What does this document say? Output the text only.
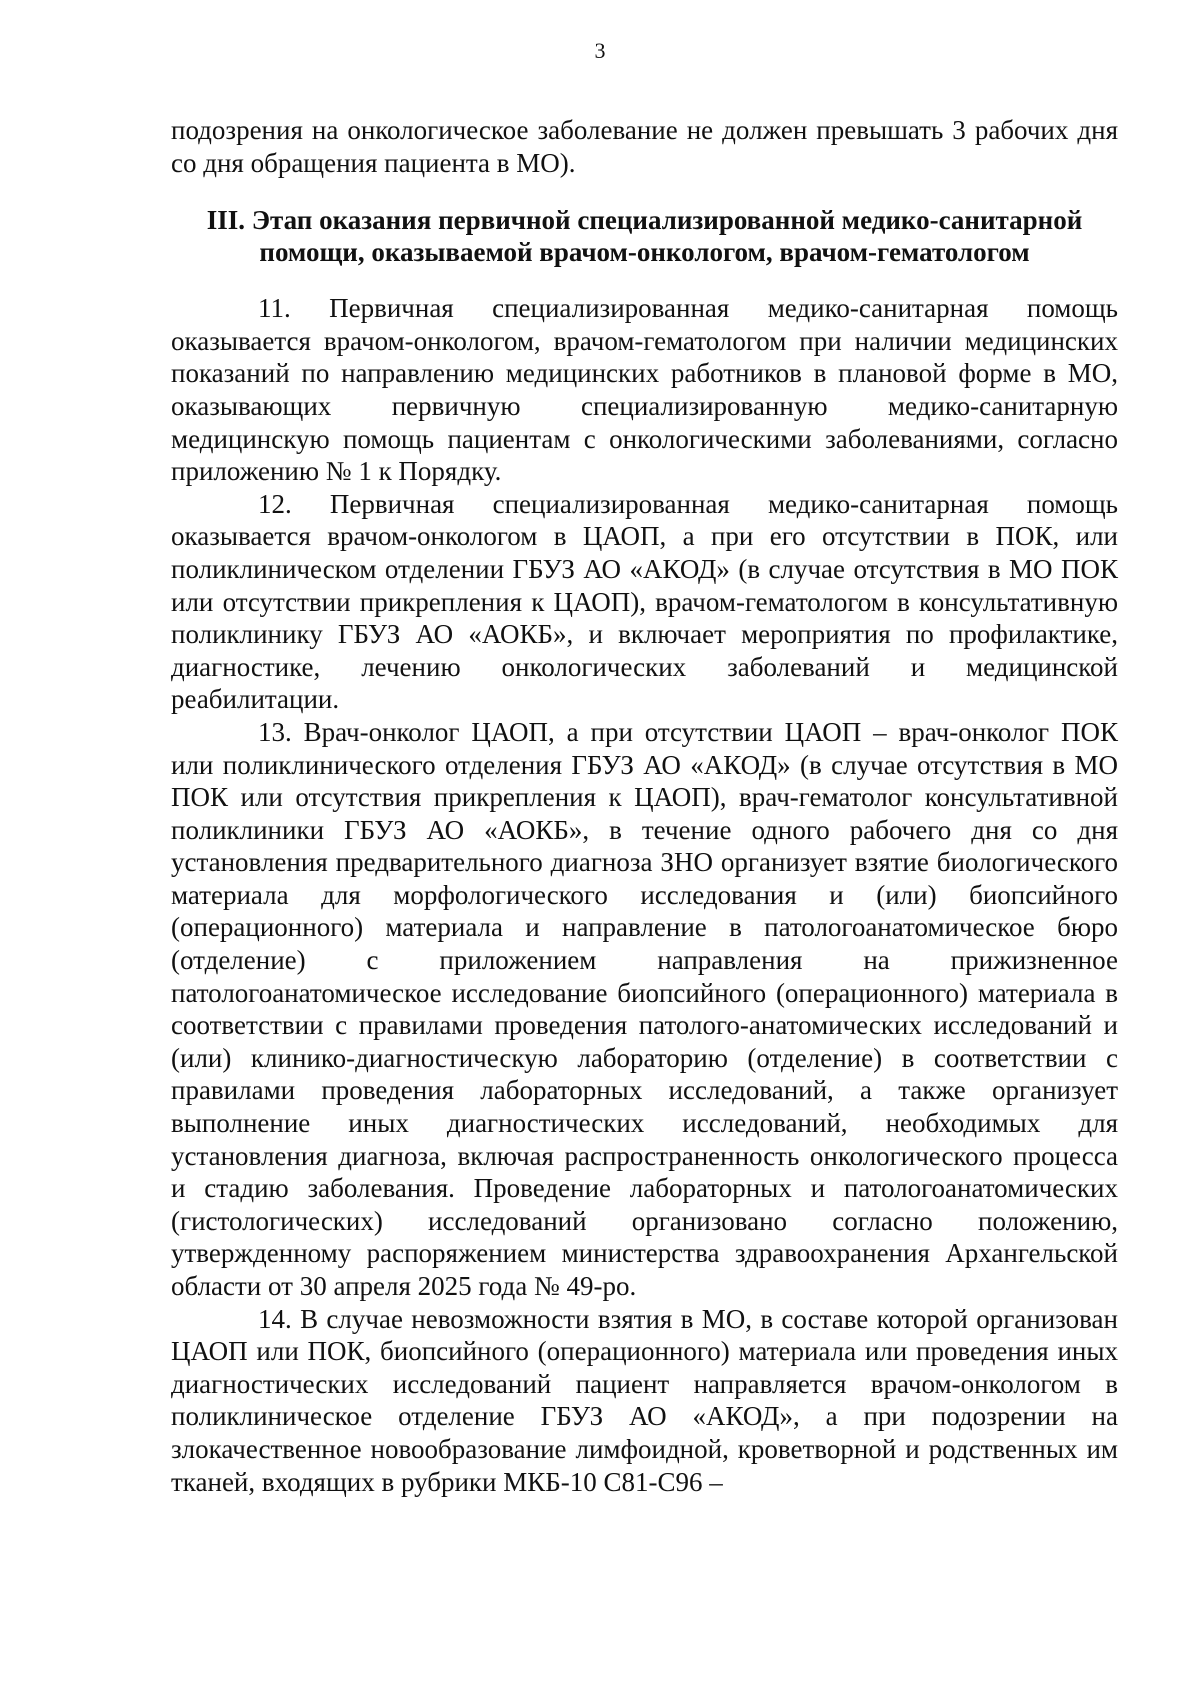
3

подозрения на онкологическое заболевание не должен превышать 3 рабочих дня со дня обращения пациента в МО).

III. Этап оказания первичной специализированной медико-санитарной
помощи, оказываемой врачом-онкологом, врачом-гематологом

11. Первичная специализированная медико-санитарная помощь оказывается врачом-онкологом, врачом-гематологом при наличии медицинских показаний по направлению медицинских работников в плановой форме в МО, оказывающих первичную специализированную медико-санитарную медицинскую помощь пациентам с онкологическими заболеваниями, согласно приложению № 1 к Порядку.

12. Первичная специализированная медико-санитарная помощь оказывается врачом-онкологом в ЦАОП, а при его отсутствии в ПОК, или поликлиническом отделении ГБУЗ АО «АКОД» (в случае отсутствия в МО ПОК или отсутствии прикрепления к ЦАОП), врачом-гематологом в консультативную поликлинику ГБУЗ АО «АОКБ», и включает мероприятия по профилактике, диагностике, лечению онкологических заболеваний и медицинской реабилитации.

13. Врач-онколог ЦАОП, а при отсутствии ЦАОП – врач-онколог ПОК или поликлинического отделения ГБУЗ АО «АКОД» (в случае отсутствия в МО ПОК или отсутствия прикрепления к ЦАОП), врач-гематолог консультативной поликлиники ГБУЗ АО «АОКБ», в течение одного рабочего дня со дня установления предварительного диагноза ЗНО организует взятие биологического материала для морфологического исследования и (или) биопсийного (операционного) материала и направление в патологоанатомическое бюро (отделение) с приложением направления на прижизненное патологоанатомическое исследование биопсийного (операционного) материала в соответствии с правилами проведения патолого-анатомических исследований и (или) клинико-диагностическую лабораторию (отделение) в соответствии с правилами проведения лабораторных исследований, а также организует выполнение иных диагностических исследований, необходимых для установления диагноза, включая распространенность онкологического процесса и стадию заболевания. Проведение лабораторных и патологоанатомических (гистологических) исследований организовано согласно положению, утвержденному распоряжением министерства здравоохранения Архангельской области от 30 апреля 2025 года № 49-ро.

14. В случае невозможности взятия в МО, в составе которой организован ЦАОП или ПОК, биопсийного (операционного) материала или проведения иных диагностических исследований пациент направляется врачом-онкологом в поликлиническое отделение ГБУЗ АО «АКОД», а при подозрении на злокачественное новообразование лимфоидной, кроветворной и родственных им тканей, входящих в рубрики МКБ-10 C81-C96 –
